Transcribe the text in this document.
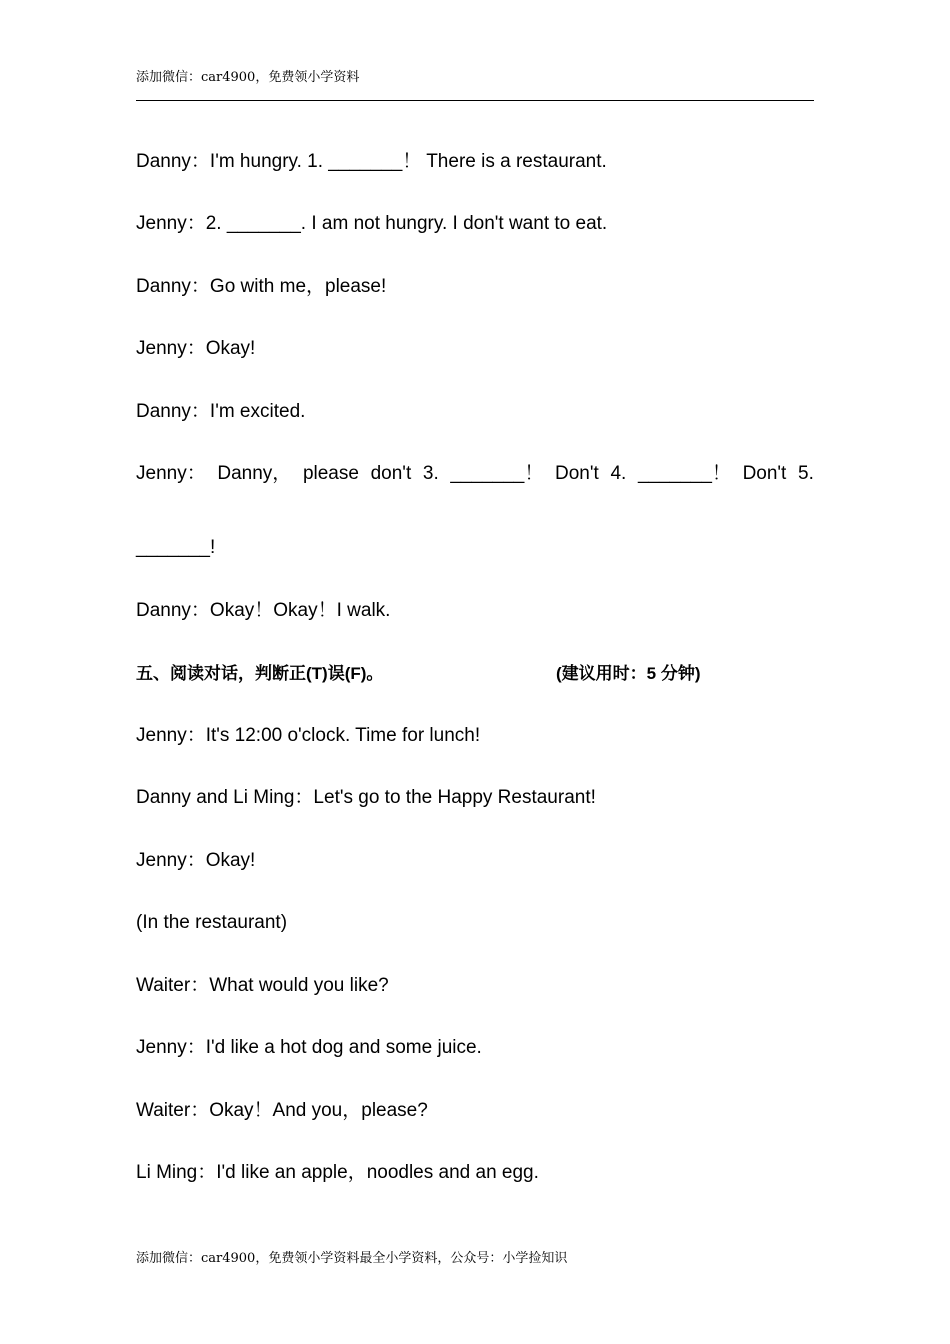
添加微信：car4900，免费领小学资料
Danny：I'm hungry. 1. _______！ There is a restaurant.
Jenny：2. _______. I am not hungry. I don't want to eat.
Danny：Go with me，please!
Jenny：Okay!
Danny：I'm excited.
Jenny： Danny， please don't 3. _______！ Don't 4. _______！ Don't 5.
_______!
Danny：Okay！Okay！I walk.
五、阅读对话，判断正(T)误(F)。	(建议用时：5 分钟)
Jenny：It's 12:00 o'clock. Time for lunch!
Danny and Li Ming：Let's go to the Happy Restaurant!
Jenny：Okay!
(In the restaurant)
Waiter：What would you like?
Jenny：I'd like a hot dog and some juice.
Waiter：Okay！And you，please?
Li Ming：I'd like an apple，noodles and an egg.
添加微信：car4900，免费领小学资料最全小学资料，公众号：小学捡知识
